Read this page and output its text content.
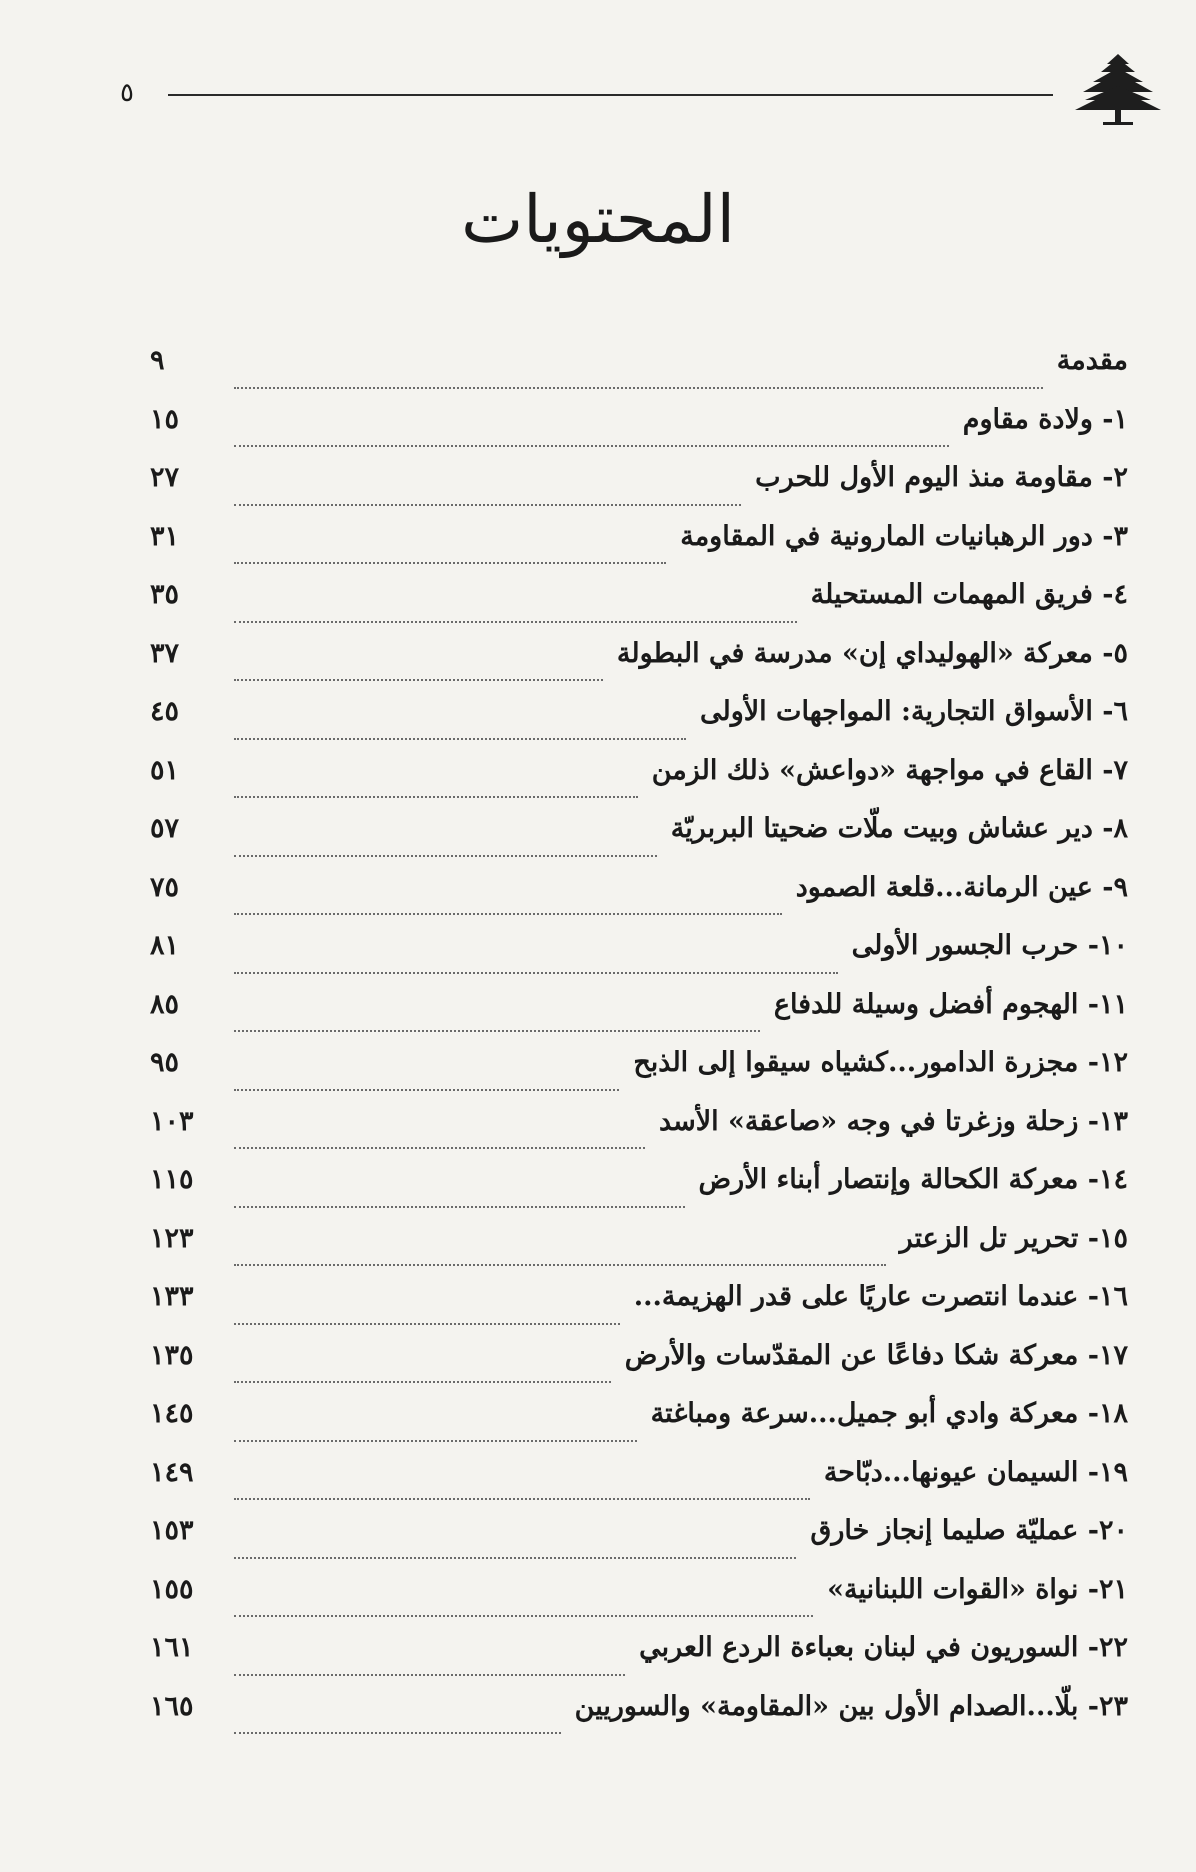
٥
المحتويات
مقدمة
٩
١- ولادة مقاوم
١٥
٢- مقاومة منذ اليوم الأول للحرب
٢٧
٣- دور الرهبانيات المارونية في المقاومة
٣١
٤- فريق المهمات المستحيلة
٣٥
٥- معركة «الهوليداي إن» مدرسة في البطولة
٣٧
٦- الأسواق التجارية: المواجهات الأولى
٤٥
٧- القاع في مواجهة «دواعش» ذلك الزمن
٥١
٨- دير عشاش وبيت ملّات ضحيتا البربريّة
٥٧
٩- عين الرمانة...قلعة الصمود
٧٥
١٠- حرب الجسور الأولى
٨١
١١- الهجوم أفضل وسيلة للدفاع
٨٥
١٢- مجزرة الدامور...كشياه سيقوا إلى الذبح
٩٥
١٣- زحلة وزغرتا في وجه «صاعقة» الأسد
١٠٣
١٤- معركة الكحالة وإنتصار أبناء الأرض
١١٥
١٥- تحرير تل الزعتر
١٢٣
١٦- عندما انتصرت عاريًا على قدر الهزيمة...
١٣٣
١٧- معركة شكا دفاعًا عن المقدّسات والأرض
١٣٥
١٨- معركة وادي أبو جميل...سرعة ومباغتة
١٤٥
١٩- السيمان عيونها...دبّاحة
١٤٩
٢٠- عمليّة صليما إنجاز خارق
١٥٣
٢١- نواة «القوات اللبنانية»
١٥٥
٢٢- السوريون في لبنان بعباءة الردع العربي
١٦١
٢٣- بلّا...الصدام الأول بين «المقاومة» والسوريين
١٦٥
